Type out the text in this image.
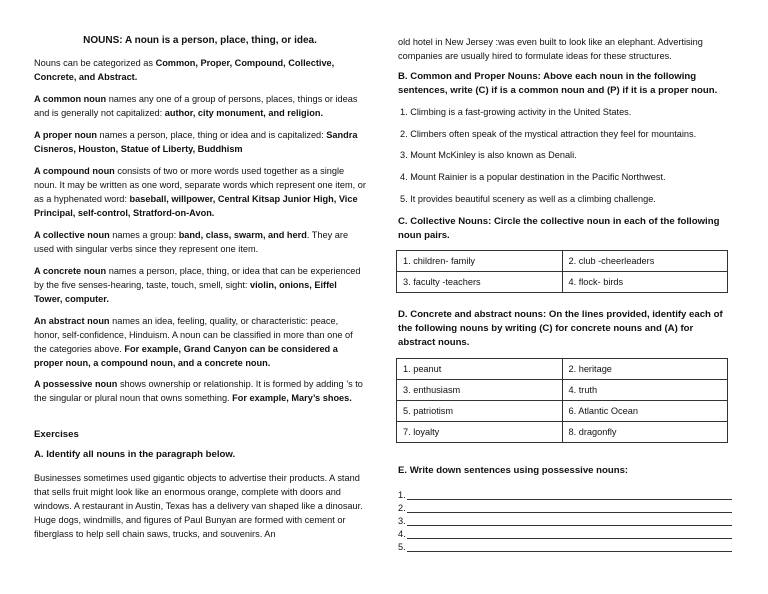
NOUNS: A noun is a person, place, thing, or idea.

Nouns can be categorized as Common, Proper, Compound, Collective, Concrete, and Abstract.

A common noun names any one of a group of persons, places, things or ideas and is generally not capitalized: author, city monument, and religion.

A proper noun names a person, place, thing or idea and is capitalized: Sandra Cisneros, Houston, Statue of Liberty, Buddhism

A compound noun consists of two or more words used together as a single noun. It may be written as one word, separate words which represent one item, or as a hyphenated word: baseball, willpower, Central Kitsap Junior High, Vice Principal, self-control, Stratford-on-Avon.

A collective noun names a group: band, class, swarm, and herd. They are used with singular verbs since they represent one item.

A concrete noun names a person, place, thing, or idea that can be experienced by the five senses-hearing, taste, touch, smell, sight: violin, onions, Eiffel Tower, computer.

An abstract noun names an idea, feeling, quality, or characteristic: peace, honor, self-confidence, Hinduism. A noun can be classified in more than one of the categories above. For example, Grand Canyon can be considered a proper noun, a compound noun, and a concrete noun.

A possessive noun shows ownership or relationship. It is formed by adding ’s to the singular or plural noun that owns something. For example, Mary’s shoes.

Exercises

A. Identify all nouns in the paragraph below.

Businesses sometimes used gigantic objects to advertise their products. A stand that sells fruit might look like an enormous orange, complete with doors and windows. A restaurant in Austin, Texas has a delivery van shaped like a dinosaur. Huge dogs, windmills, and figures of Paul Bunyan are formed with cement or fiberglass to help sell chain saws, trucks, and souvenirs. An

old hotel in New Jersey :was even built to look like an elephant. Advertising companies are usually hired to formulate ideas for these structures.

B. Common and Proper Nouns: Above each noun in the following sentences, write (C) if is a common noun and (P) if it is a proper noun.

1. Climbing is a fast-growing activity in the United States.
2. Climbers often speak of the mystical attraction they feel for mountains.
3. Mount McKinley is also known as Denali.
4. Mount Rainier is a popular destination in the Pacific Northwest.
5. It provides beautiful scenery as well as a climbing challenge.

C. Collective Nouns: Circle the collective noun in each of the following noun pairs.

1. children- family	2. club -cheerleaders
3. faculty -teachers	4. flock- birds

D. Concrete and abstract nouns: On the lines provided, identify each of the following nouns by writing (C) for concrete nouns and (A) for abstract nouns.

1. peanut	2. heritage
3. enthusiasm	4. truth
5. patriotism	6. Atlantic Ocean
7. loyalty	8. dragonfly

E. Write down sentences using possessive nouns:

1.
2.
3.
4.
5.
